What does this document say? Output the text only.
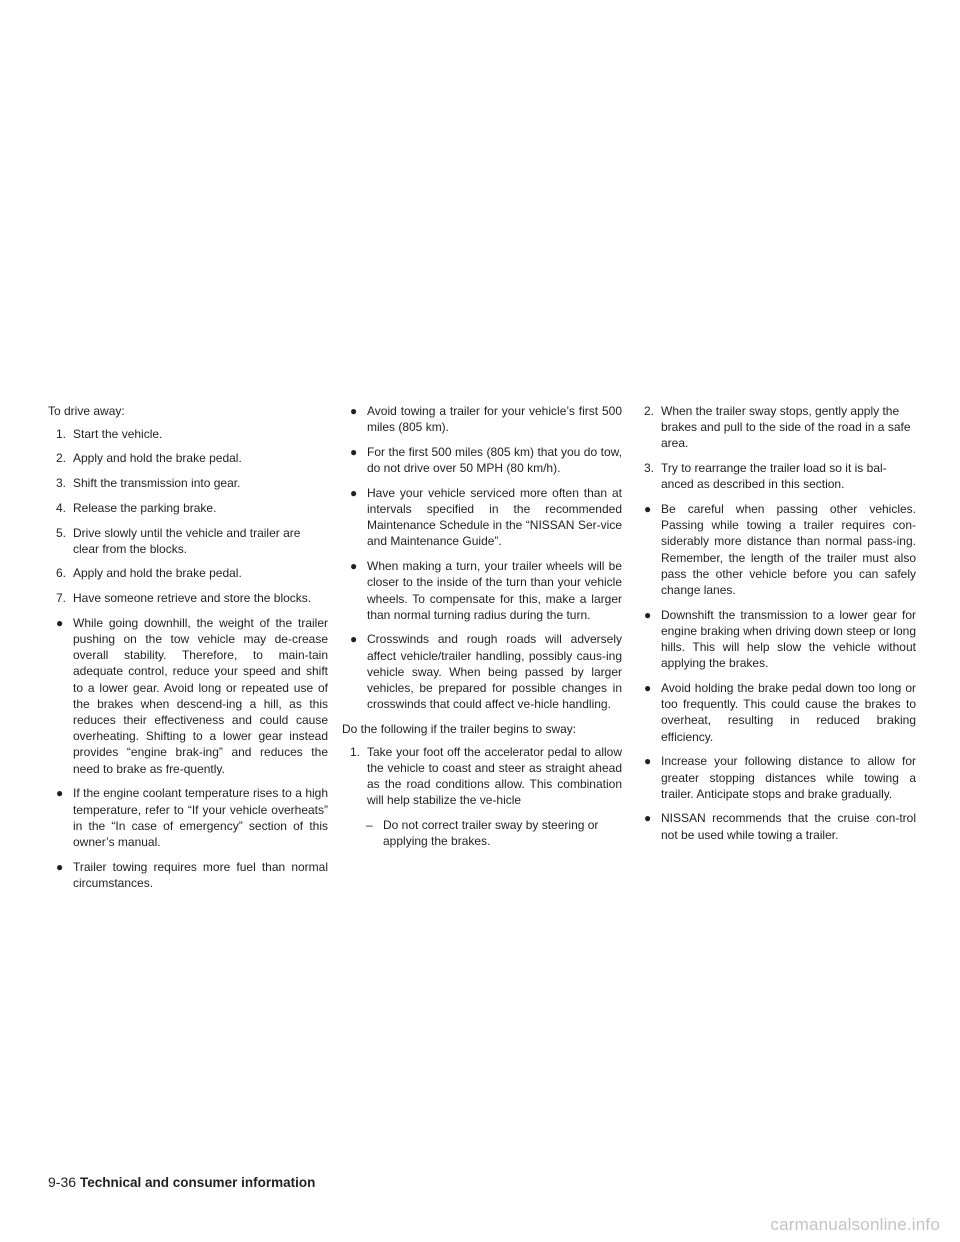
To drive away:

1. Start the vehicle.
2. Apply and hold the brake pedal.
3. Shift the transmission into gear.
4. Release the parking brake.
5. Drive slowly until the vehicle and trailer are clear from the blocks.
6. Apply and hold the brake pedal.
7. Have someone retrieve and store the blocks.
● While going downhill, the weight of the trailer pushing on the tow vehicle may de-crease overall stability. Therefore, to main-tain adequate control, reduce your speed and shift to a lower gear. Avoid long or repeated use of the brakes when descend-ing a hill, as this reduces their effectiveness and could cause overheating. Shifting to a lower gear instead provides “engine brak-ing” and reduces the need to brake as fre-quently.
● If the engine coolant temperature rises to a high temperature, refer to “If your vehicle overheats” in the “In case of emergency” section of this owner’s manual.
● Trailer towing requires more fuel than normal circumstances.
● Avoid towing a trailer for your vehicle’s first 500 miles (805 km).
● For the first 500 miles (805 km) that you do tow, do not drive over 50 MPH (80 km/h).
● Have your vehicle serviced more often than at intervals specified in the recommended Maintenance Schedule in the “NISSAN Ser-vice and Maintenance Guide”.
● When making a turn, your trailer wheels will be closer to the inside of the turn than your vehicle wheels. To compensate for this, make a larger than normal turning radius during the turn.
● Crosswinds and rough roads will adversely affect vehicle/trailer handling, possibly caus-ing vehicle sway. When being passed by larger vehicles, be prepared for possible changes in crosswinds that could affect ve-hicle handling.

Do the following if the trailer begins to sway:

1. Take your foot off the accelerator pedal to allow the vehicle to coast and steer as straight ahead as the road conditions allow. This combination will help stabilize the ve-hicle
– Do not correct trailer sway by steering or applying the brakes.
2. When the trailer sway stops, gently apply the brakes and pull to the side of the road in a safe area.
3. Try to rearrange the trailer load so it is bal-anced as described in this section.
● Be careful when passing other vehicles. Passing while towing a trailer requires con-siderably more distance than normal pass-ing. Remember, the length of the trailer must also pass the other vehicle before you can safely change lanes.
● Downshift the transmission to a lower gear for engine braking when driving down steep or long hills. This will help slow the vehicle without applying the brakes.
● Avoid holding the brake pedal down too long or too frequently. This could cause the brakes to overheat, resulting in reduced braking efficiency.
● Increase your following distance to allow for greater stopping distances while towing a trailer. Anticipate stops and brake gradually.
● NISSAN recommends that the cruise con-trol not be used while towing a trailer.
9-36 Technical and consumer information
carmanualsonline.info
